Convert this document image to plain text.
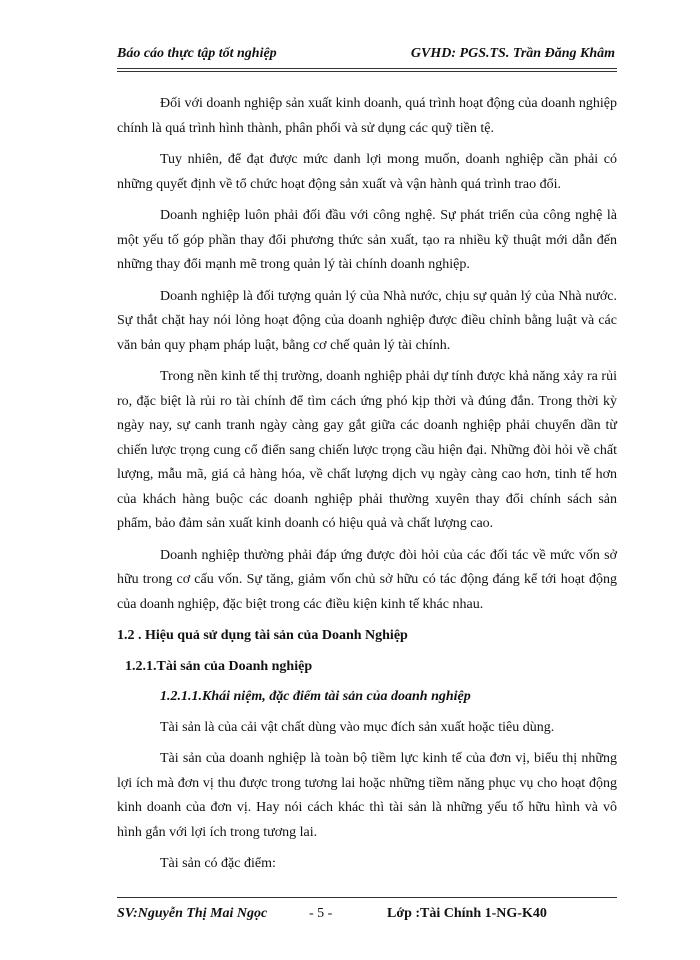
Báo cáo thực tập tốt nghiệp	GVHD: PGS.TS. Trần Đăng Khâm

Đối với doanh nghiệp sản xuất kinh doanh, quá trình hoạt động của doanh nghiệp chính là quá trình hình thành, phân phối và sử dụng các quỹ tiền tệ.

Tuy nhiên, để đạt được mức danh lợi mong muốn, doanh nghiệp cần phải có những quyết định về tổ chức hoạt động sản xuất và vận hành quá trình trao đổi.

Doanh nghiệp luôn phải đối đầu với công nghệ. Sự phát triển của công nghệ là một yếu tố góp phần thay đổi phương thức sản xuất, tạo ra nhiều kỹ thuật mới dẫn đến những thay đổi mạnh mẽ trong quản lý tài chính doanh nghiệp.

Doanh nghiệp là đối tượng quản lý của Nhà nước, chịu sự quản lý của Nhà nước. Sự thắt chặt hay nói lỏng hoạt động của doanh nghiệp được điều chỉnh bằng luật và các văn bản quy phạm pháp luật, bằng cơ chế quản lý tài chính.

Trong nền kinh tế thị trường, doanh nghiệp phải dự tính được khả năng xảy ra rủi ro, đặc biệt là rủi ro tài chính để tìm cách ứng phó kịp thời và đúng đắn. Trong thời kỳ ngày nay, sự canh tranh ngày càng gay gắt giữa các doanh nghiệp phải chuyển dần từ chiến lược trọng cung cổ điển sang chiến lược trọng cầu hiện đại. Những đòi hỏi về chất lượng, mẫu mã, giá cả hàng hóa, về chất lượng dịch vụ ngày càng cao hơn, tinh tế hơn của khách hàng buộc các doanh nghiệp phải thường xuyên thay đổi chính sách sản phẩm, bảo đảm sản xuất kinh doanh có hiệu quả và chất lượng cao.

Doanh nghiệp thường phải đáp ứng được đòi hỏi của các đối tác về mức vốn sở hữu trong cơ cấu vốn. Sự tăng, giảm vốn chủ sở hữu có tác động đáng kể tới hoạt động của doanh nghiệp, đặc biệt trong các điều kiện kinh tế khác nhau.

1.2 . Hiệu quả sử dụng tài sản của Doanh Nghiệp
1.2.1.Tài sản của Doanh nghiệp
1.2.1.1.Khái niệm, đặc điểm tài sản của doanh nghiệp

Tài sản là của cải vật chất dùng vào mục đích sản xuất hoặc tiêu dùng.

Tài sản của doanh nghiệp là toàn bộ tiềm lực kinh tế của đơn vị, biểu thị những lợi ích mà đơn vị thu được trong tương lai hoặc những tiềm năng phục vụ cho hoạt động kinh doanh của đơn vị. Hay nói cách khác thì tài sản là những yếu tố hữu hình và vô hình gắn với lợi ích trong tương lai.

Tài sản có đặc điểm:

SV:Nguyễn Thị Mai Ngọc	- 5 -	Lớp :Tài Chính 1-NG-K40
